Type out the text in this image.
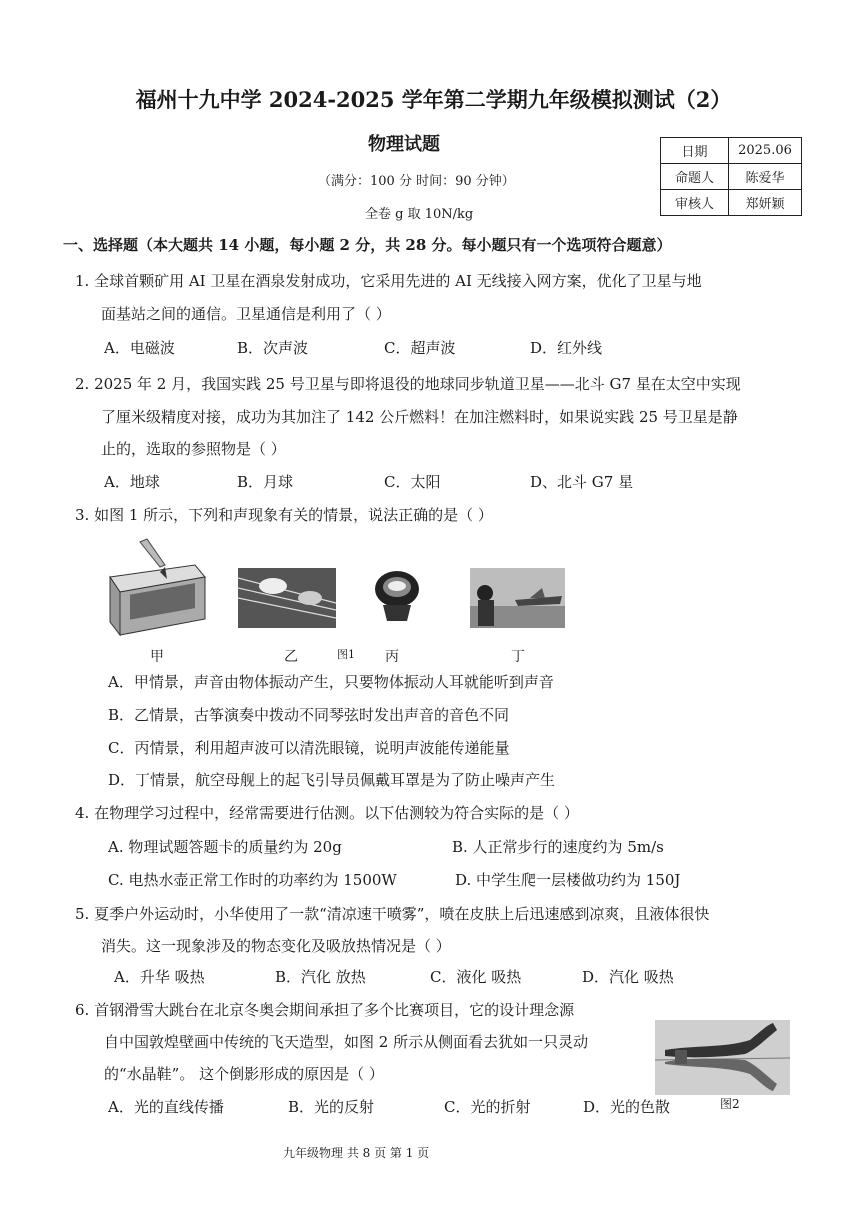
福州十九中学 2024-2025 学年第二学期九年级模拟测试（2）
物理试题
（满分：100 分 时间：90 分钟）
全卷 g 取 10N/kg
日期	2025.06
命题人	陈爱华
审核人	郑妍颖
一、选择题（本大题共 14 小题，每小题 2 分，共 28 分。每小题只有一个选项符合题意）
1. 全球首颗矿用 AI 卫星在酒泉发射成功，它采用先进的 AI 无线接入网方案，优化了卫星与地
面基站之间的通信。卫星通信是利用了（ ）
A．电磁波	B．次声波	C．超声波	D．红外线
2. 2025 年 2 月，我国实践 25 号卫星与即将退役的地球同步轨道卫星——北斗 G7 星在太空中实现
了厘米级精度对接，成功为其加注了 142 公斤燃料！在加注燃料时，如果说实践 25 号卫星是静
止的，选取的参照物是（ ）
A．地球	B．月球	C．太阳	D、北斗 G7 星
3. 如图 1 所示，下列和声现象有关的情景，说法正确的是（ ）
甲	乙	图1 丙	丁
A．甲情景，声音由物体振动产生，只要物体振动人耳就能听到声音
B．乙情景，古筝演奏中拨动不同琴弦时发出声音的音色不同
C．丙情景，利用超声波可以清洗眼镜，说明声波能传递能量
D．丁情景，航空母舰上的起飞引导员佩戴耳罩是为了防止噪声产生
4. 在物理学习过程中，经常需要进行估测。以下估测较为符合实际的是（ ）
A. 物理试题答题卡的质量约为 20g	B. 人正常步行的速度约为 5m/s
C. 电热水壶正常工作时的功率约为 1500W	D. 中学生爬一层楼做功约为 150J
5. 夏季户外运动时，小华使用了一款“清凉速干喷雾”，喷在皮肤上后迅速感到凉爽，且液体很快
消失。这一现象涉及的物态变化及吸放热情况是（ ）
A．升华 吸热	B．汽化 放热	C．液化 吸热	D．汽化 吸热
6. 首钢滑雪大跳台在北京冬奥会期间承担了多个比赛项目，它的设计理念源
自中国敦煌壁画中传统的飞天造型，如图 2 所示从侧面看去犹如一只灵动
的“水晶鞋”。 这个倒影形成的原因是（ ）
A．光的直线传播	B．光的反射	C．光的折射	D．光的色散	图2
九年级物理 共 8 页 第 1 页
